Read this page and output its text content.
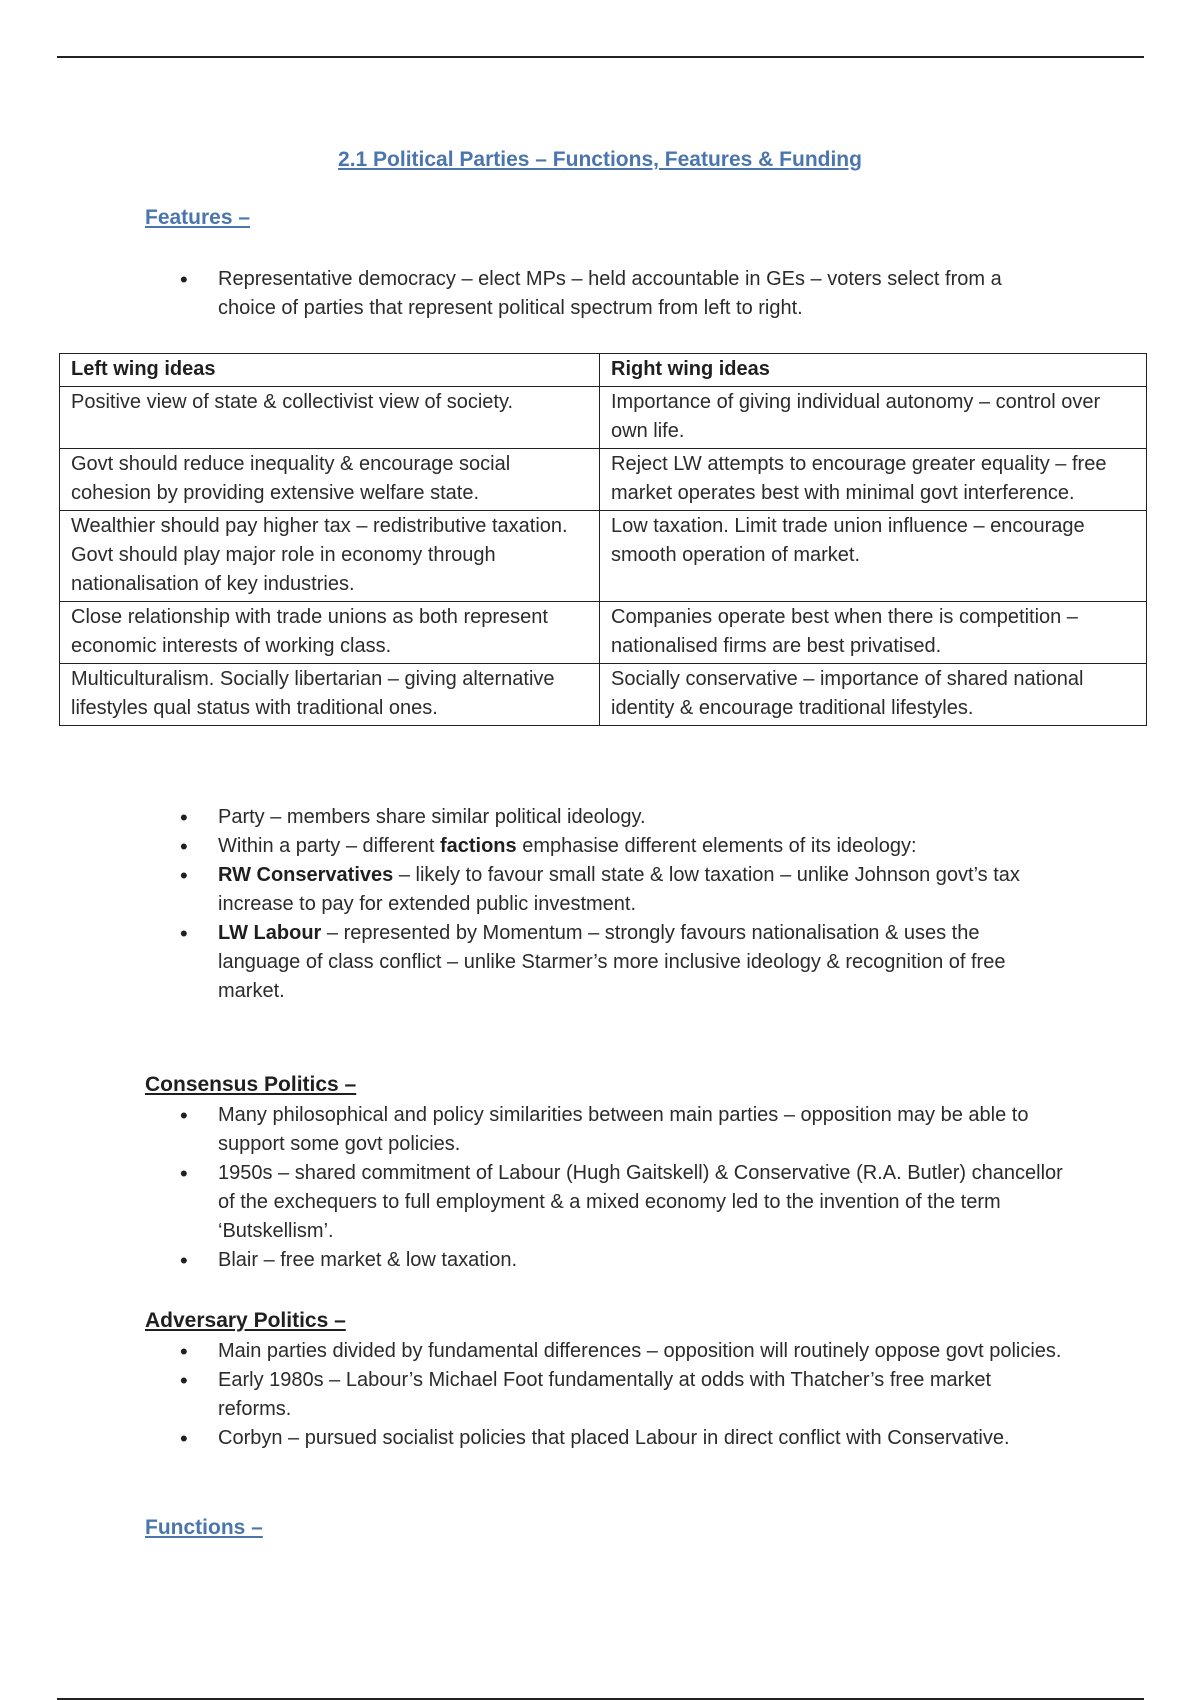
2.1 Political Parties – Functions, Features & Funding
Features –
• Representative democracy – elect MPs – held accountable in GEs – voters select from a choice of parties that represent political spectrum from left to right.
Left wing ideas	Right wing ideas
Positive view of state & collectivist view of society.	Importance of giving individual autonomy – control over own life.
Govt should reduce inequality & encourage social cohesion by providing extensive welfare state.	Reject LW attempts to encourage greater equality – free market operates best with minimal govt interference.
Wealthier should pay higher tax – redistributive taxation. Govt should play major role in economy through nationalisation of key industries.	Low taxation. Limit trade union influence – encourage smooth operation of market.
Close relationship with trade unions as both represent economic interests of working class.	Companies operate best when there is competition – nationalised firms are best privatised.
Multiculturalism. Socially libertarian – giving alternative lifestyles qual status with traditional ones.	Socially conservative – importance of shared national identity & encourage traditional lifestyles.
• Party – members share similar political ideology.
• Within a party – different factions emphasise different elements of its ideology:
• RW Conservatives – likely to favour small state & low taxation – unlike Johnson govt’s tax increase to pay for extended public investment.
• LW Labour – represented by Momentum – strongly favours nationalisation & uses the language of class conflict – unlike Starmer’s more inclusive ideology & recognition of free market.
Consensus Politics –
• Many philosophical and policy similarities between main parties – opposition may be able to support some govt policies.
• 1950s – shared commitment of Labour (Hugh Gaitskell) & Conservative (R.A. Butler) chancellor of the exchequers to full employment & a mixed economy led to the invention of the term ‘Butskellism’.
• Blair – free market & low taxation.
Adversary Politics –
• Main parties divided by fundamental differences – opposition will routinely oppose govt policies.
• Early 1980s – Labour’s Michael Foot fundamentally at odds with Thatcher’s free market reforms.
• Corbyn – pursued socialist policies that placed Labour in direct conflict with Conservative.
Functions –
